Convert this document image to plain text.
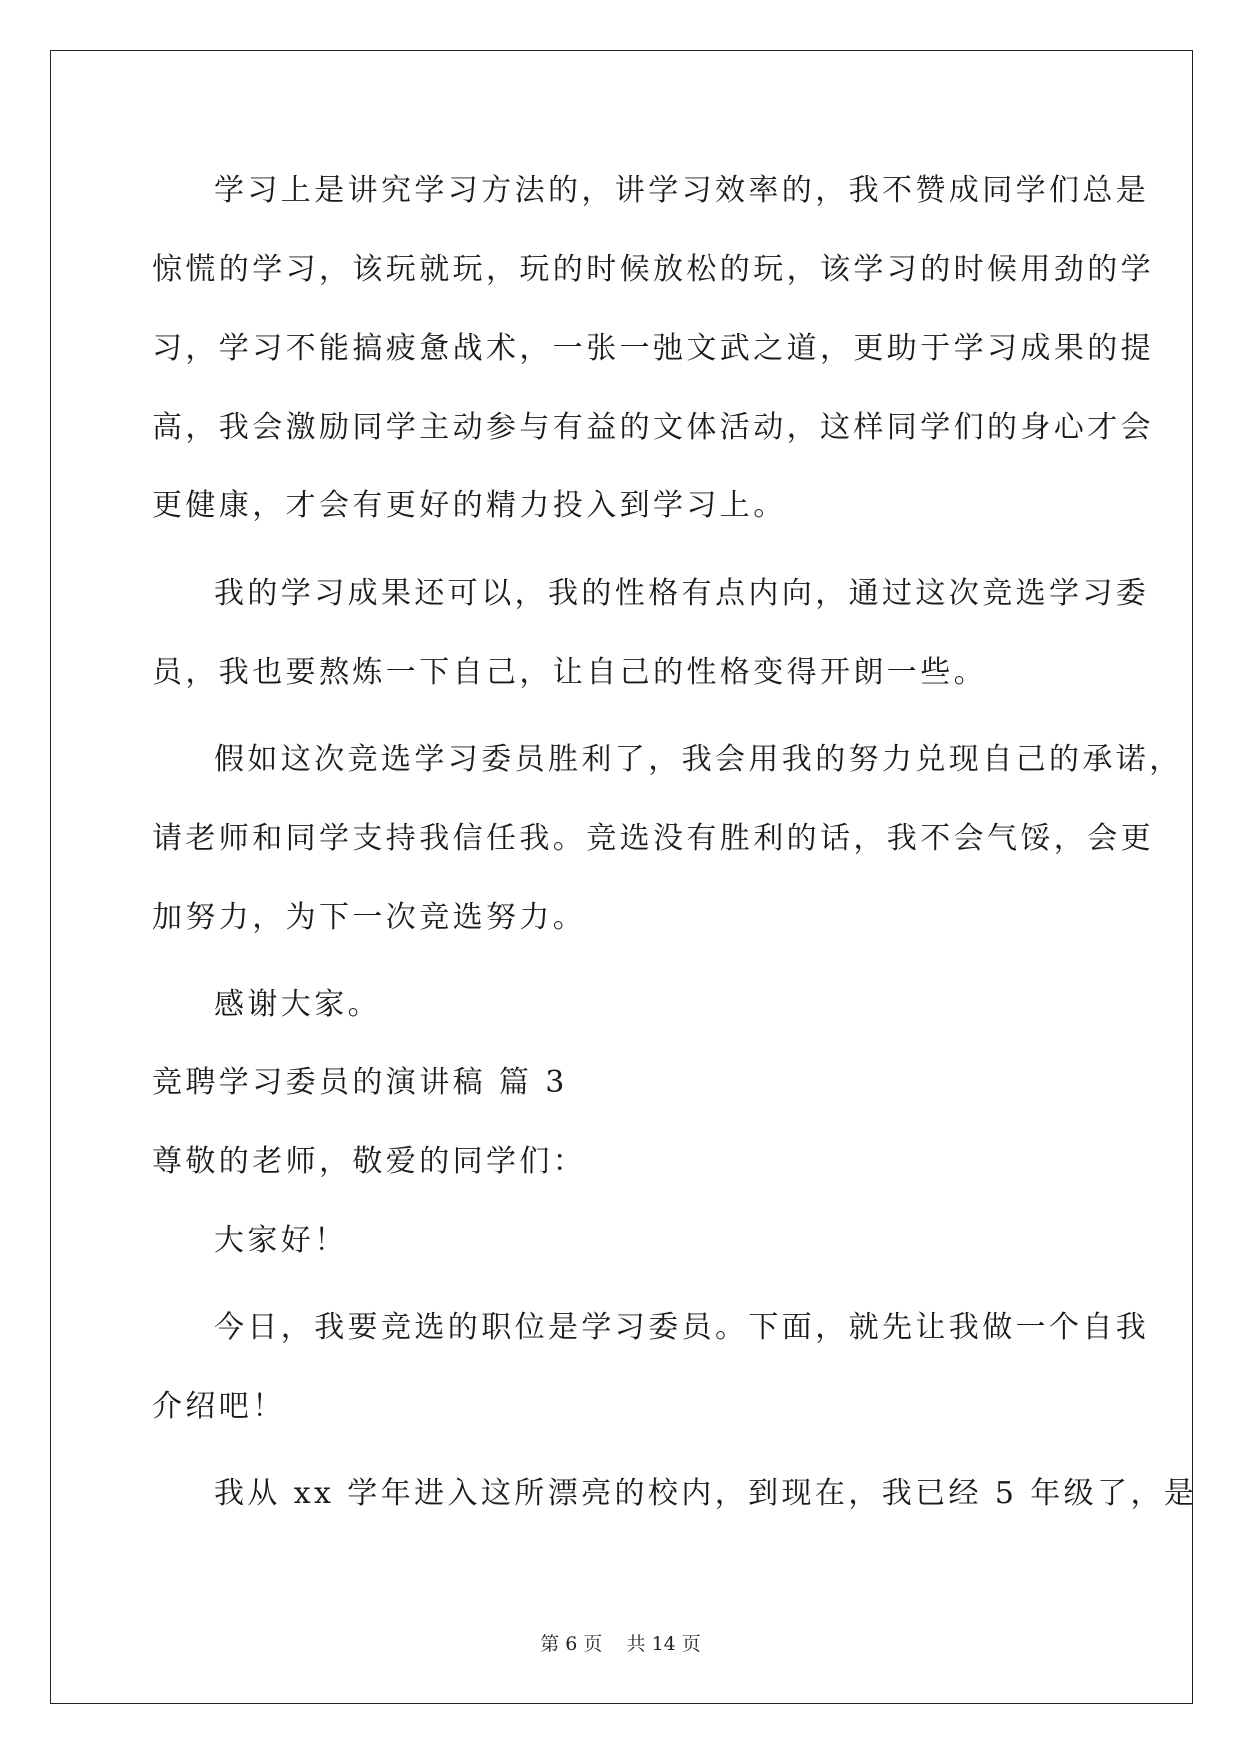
学习上是讲究学习方法的，讲学习效率的，我不赞成同学们总是
惊慌的学习，该玩就玩，玩的时候放松的玩，该学习的时候用劲的学
习，学习不能搞疲惫战术，一张一弛文武之道，更助于学习成果的提
高，我会激励同学主动参与有益的文体活动，这样同学们的身心才会
更健康，才会有更好的精力投入到学习上。
我的学习成果还可以，我的性格有点内向，通过这次竞选学习委
员，我也要熬炼一下自己，让自己的性格变得开朗一些。
假如这次竞选学习委员胜利了，我会用我的努力兑现自己的承诺，
请老师和同学支持我信任我。竞选没有胜利的话，我不会气馁，会更
加努力，为下一次竞选努力。
感谢大家。
竞聘学习委员的演讲稿 篇 3
尊敬的老师，敬爱的同学们：
大家好！
今日，我要竞选的职位是学习委员。下面，就先让我做一个自我
介绍吧！
我从 xx 学年进入这所漂亮的校内，到现在，我已经 5 年级了，是
第 6 页    共 14 页
